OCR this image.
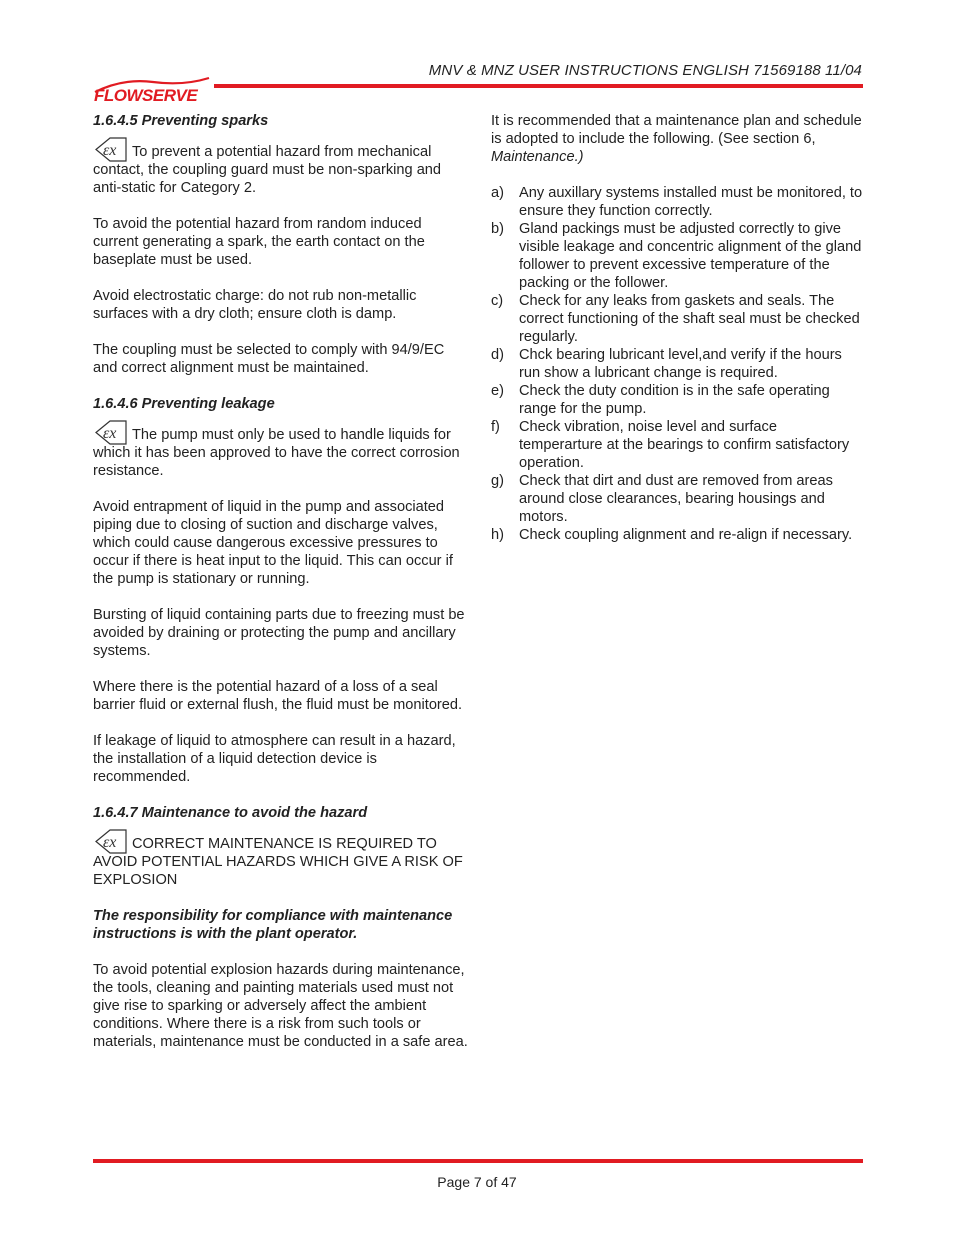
MNV & MNZ USER INSTRUCTIONS ENGLISH 71569188 11/04
FLOWSERVE

1.6.4.5 Preventing sparks

εx To prevent a potential hazard from mechanical contact, the coupling guard must be non-sparking and anti-static for Category 2.

To avoid the potential hazard from random induced current generating a spark, the earth contact on the baseplate must be used.

Avoid electrostatic charge: do not rub non-metallic surfaces with a dry cloth; ensure cloth is damp.

The coupling must be selected to comply with 94/9/EC and correct alignment must be maintained.

1.6.4.6 Preventing leakage

εx The pump must only be used to handle liquids for which it has been approved to have the correct corrosion resistance.

Avoid entrapment of liquid in the pump and associated piping due to closing of suction and discharge valves, which could cause dangerous excessive pressures to occur if there is heat input to the liquid. This can occur if the pump is stationary or running.

Bursting of liquid containing parts due to freezing must be avoided by draining or protecting the pump and ancillary systems.

Where there is the potential hazard of a loss of a seal barrier fluid or external flush, the fluid must be monitored.

If leakage of liquid to atmosphere can result in a hazard, the installation of a liquid detection device is recommended.

1.6.4.7 Maintenance to avoid the hazard

εx CORRECT MAINTENANCE IS REQUIRED TO AVOID POTENTIAL HAZARDS WHICH GIVE A RISK OF EXPLOSION

The responsibility for compliance with maintenance instructions is with the plant operator.

To avoid potential explosion hazards during maintenance, the tools, cleaning and painting materials used must not give rise to sparking or adversely affect the ambient conditions. Where there is a risk from such tools or materials, maintenance must be conducted in a safe area.

It is recommended that a maintenance plan and schedule is adopted to include the following. (See section 6, Maintenance.)

a) Any auxillary systems installed must be monitored, to ensure they function correctly.
b) Gland packings must be adjusted correctly to give visible leakage and concentric alignment of the gland follower to prevent excessive temperature of the packing or the follower.
c) Check for any leaks from gaskets and seals. The correct functioning of the shaft seal must be checked regularly.
d) Chck bearing lubricant level,and verify if the hours run show a lubricant change is required.
e) Check the duty condition is in the safe operating range for the pump.
f) Check vibration, noise level and surface temperarture at the bearings to confirm satisfactory operation.
g) Check that dirt and dust are removed from areas around close clearances, bearing housings and motors.
h) Check coupling alignment and re-align if necessary.
Page 7 of 47
